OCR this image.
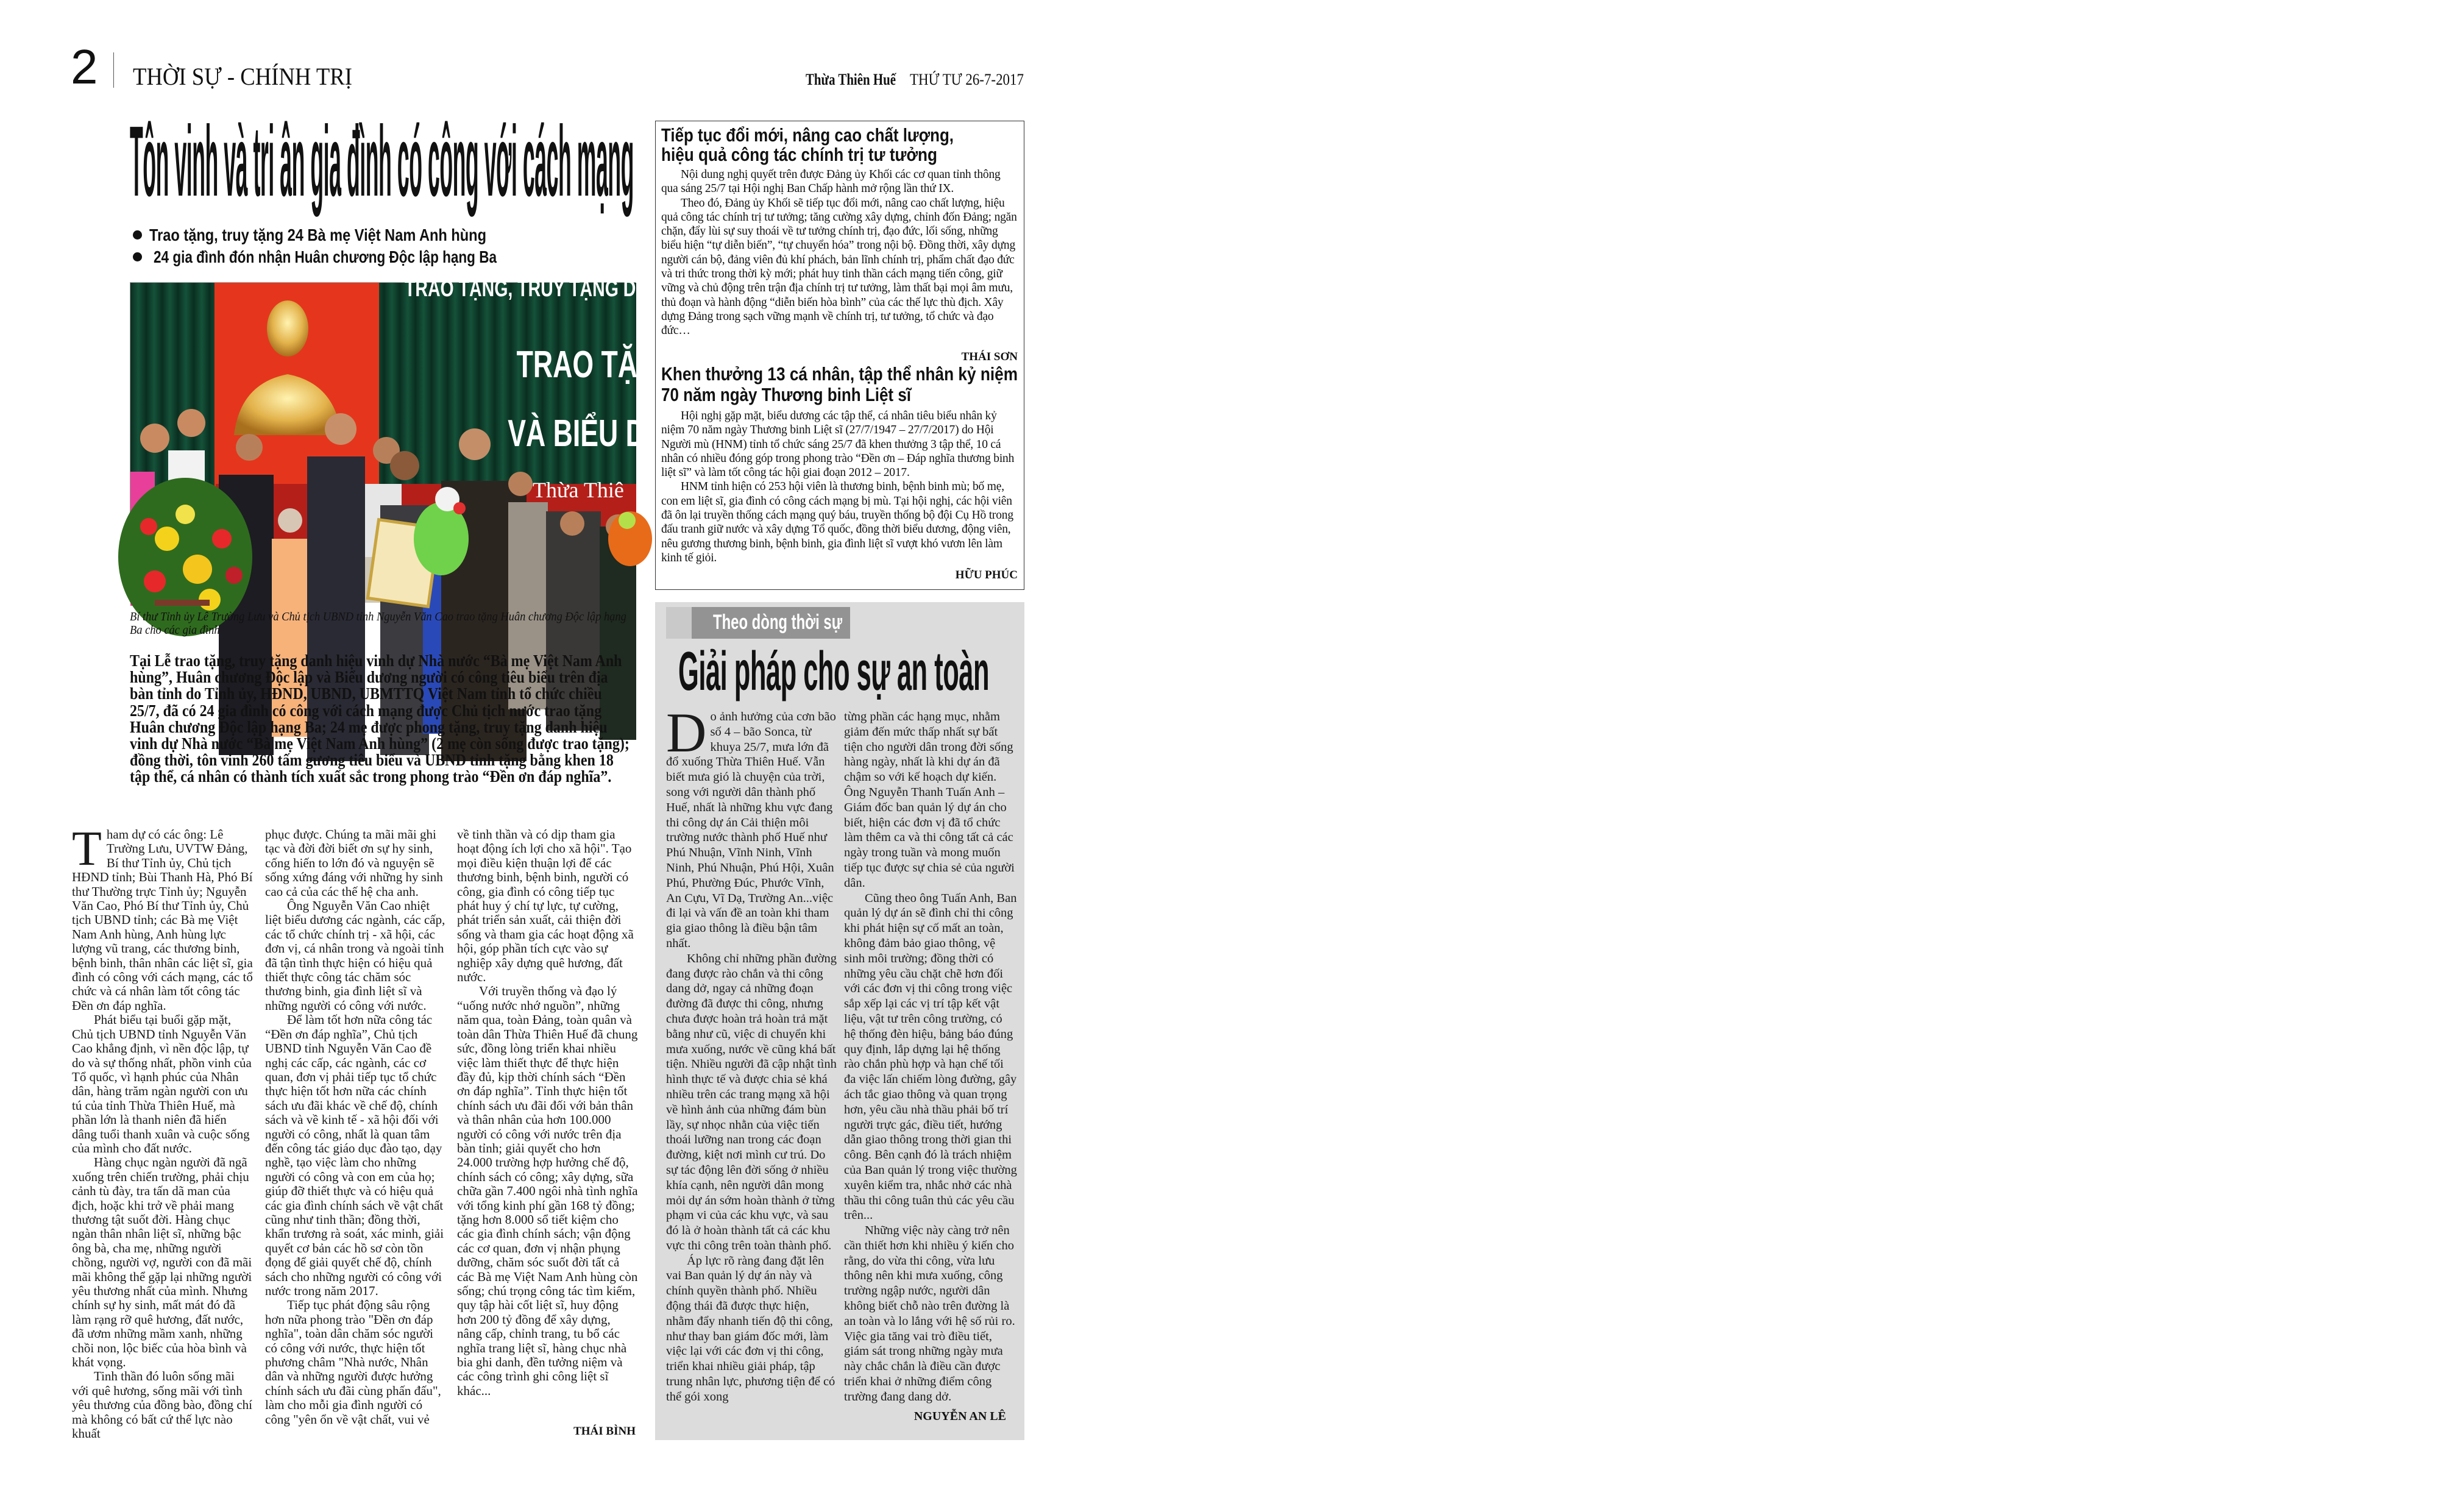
2 THỜI SỰ - CHÍNH TRỊ	Thừa Thiên Huế THỨ TƯ 26-7-2017
Tôn vinh và tri ân gia đình có công với cách mạng
Trao tặng, truy tặng 24 Bà mẹ Việt Nam Anh hùng
24 gia đình đón nhận Huân chương Độc lập hạng Ba
TRAO TẶNG, TRUY TẶNG DANH
TRAO TẶNG H
VÀ BIỂU DƯƠNG
Thừa Thiê
Bí thư Tỉnh ủy Lê Trường Lưu và Chủ tịch UBND tỉnh Nguyễn Văn Cao trao tặng Huân chương Độc lập hạng Ba cho các gia đình
Tại Lễ trao tặng, truy tặng danh hiệu vinh dự Nhà nước “Bà mẹ Việt Nam Anh hùng”, Huân chương Độc lập và Biểu dương người có công tiêu biểu trên địa bàn tỉnh do Tỉnh ủy, HĐND, UBND, UBMTTQ Việt Nam tỉnh tổ chức chiều 25/7, đã có 24 gia đình có công với cách mạng được Chủ tịch nước trao tặng Huân chương Độc lập hạng Ba; 24 mẹ được phong tặng, truy tặng danh hiệu vinh dự Nhà nước “Bà mẹ Việt Nam Anh hùng” (2 mẹ còn sống được trao tặng); đồng thời, tôn vinh 260 tấm gương tiêu biểu và UBND tỉnh tặng bằng khen 18 tập thể, cá nhân có thành tích xuất sắc trong phong trào “Đền ơn đáp nghĩa”.

Tham dự có các ông: Lê Trường Lưu, UVTW Đảng, Bí thư Tỉnh ủy, Chủ tịch HĐND tỉnh; Bùi Thanh Hà, Phó Bí thư Thường trực Tỉnh ủy; Nguyễn Văn Cao, Phó Bí thư Tỉnh ủy, Chủ tịch UBND tỉnh; các Bà mẹ Việt Nam Anh hùng, Anh hùng lực lượng vũ trang, các thương binh, bệnh binh, thân nhân các liệt sĩ, gia đình có công với cách mạng, các tổ chức và cá nhân làm tốt công tác Đền ơn đáp nghĩa.

Phát biểu tại buổi gặp mặt, Chủ tịch UBND tỉnh Nguyễn Văn Cao khẳng định, vì nền độc lập, tự do và sự thống nhất, phồn vinh của Tổ quốc, vì hạnh phúc của Nhân dân, hàng trăm ngàn người con ưu tú của tỉnh Thừa Thiên Huế, mà phần lớn là thanh niên đã hiến dâng tuổi thanh xuân và cuộc sống của mình cho đất nước.

Hàng chục ngàn người đã ngã xuống trên chiến trường, phải chịu cảnh tù đày, tra tấn dã man của địch, hoặc khi trở về phải mang thương tật suốt đời. Hàng chục ngàn thân nhân liệt sĩ, những bậc ông bà, cha mẹ, những người chồng, người vợ, người con đã mãi mãi không thể gặp lại những người yêu thương nhất của mình. Nhưng chính sự hy sinh, mất mát đó đã làm rạng rỡ quê hương, đất nước, đã ươm những mầm xanh, những chồi non, lộc biếc của hòa bình và khát vọng.

Tinh thần đó luôn sống mãi với quê hương, sống mãi với tình yêu thương của đồng bào, đồng chí mà không có bất cứ thế lực nào khuất

phục được. Chúng ta mãi mãi ghi tạc và đời đời biết ơn sự hy sinh, cống hiến to lớn đó và nguyện sẽ sống xứng đáng với những hy sinh cao cả của các thế hệ cha anh.

Ông Nguyễn Văn Cao nhiệt liệt biểu dương các ngành, các cấp, các tổ chức chính trị - xã hội, các đơn vị, cá nhân trong và ngoài tỉnh đã tận tình thực hiện có hiệu quả thiết thực công tác chăm sóc thương binh, gia đình liệt sĩ và những người có công với nước.

Để làm tốt hơn nữa công tác “Đền ơn đáp nghĩa”, Chủ tịch UBND tỉnh Nguyễn Văn Cao đề nghị các cấp, các ngành, các cơ quan, đơn vị phải tiếp tục tổ chức thực hiện tốt hơn nữa các chính sách ưu đãi khác về chế độ, chính sách và về kinh tế - xã hội đối với người có công, nhất là quan tâm đến công tác giáo dục đào tạo, dạy nghề, tạo việc làm cho những người có công và con em của họ; giúp đỡ thiết thực và có hiệu quả các gia đình chính sách về vật chất cũng như tinh thần; đồng thời, khẩn trương rà soát, xác minh, giải quyết cơ bản các hồ sơ còn tồn đọng để giải quyết chế độ, chính sách cho những người có công với nước trong năm 2017.

Tiếp tục phát động sâu rộng hơn nữa phong trào "Đền ơn đáp nghĩa", toàn dân chăm sóc người có công với nước, thực hiện tốt phương châm "Nhà nước, Nhân dân và những người được hưởng chính sách ưu đãi cùng phấn đấu", làm cho mỗi gia đình người có công "yên ổn về vật chất, vui vẻ

về tinh thần và có dịp tham gia hoạt động ích lợi cho xã hội". Tạo mọi điều kiện thuận lợi để các thương binh, bệnh binh, người có công, gia đình có công tiếp tục phát huy ý chí tự lực, tự cường, phát triển sản xuất, cải thiện đời sống và tham gia các hoạt động xã hội, góp phần tích cực vào sự nghiệp xây dựng quê hương, đất nước.

Với truyền thống và đạo lý “uống nước nhớ nguồn”, những năm qua, toàn Đảng, toàn quân và toàn dân Thừa Thiên Huế đã chung sức, đồng lòng triển khai nhiều việc làm thiết thực để thực hiện đầy đủ, kịp thời chính sách “Đền ơn đáp nghĩa”. Tỉnh thực hiện tốt chính sách ưu đãi đối với bản thân và thân nhân của hơn 100.000 người có công với nước trên địa bàn tỉnh; giải quyết cho hơn 24.000 trường hợp hưởng chế độ, chính sách có công; xây dựng, sữa chữa gần 7.400 ngôi nhà tình nghĩa với tổng kinh phí gần 168 tỷ đồng; tặng hơn 8.000 sổ tiết kiệm cho các gia đình chính sách; vận động các cơ quan, đơn vị nhận phụng dưỡng, chăm sóc suốt đời tất cả các Bà mẹ Việt Nam Anh hùng còn sống; chú trọng công tác tìm kiếm, quy tập hài cốt liệt sĩ, huy động hơn 200 tỷ đồng để xây dựng, nâng cấp, chỉnh trang, tu bổ các nghĩa trang liệt sĩ, hàng chục nhà bia ghi danh, đền tưởng niệm và các công trình ghi công liệt sĩ khác...

THÁI BÌNH
Tiếp tục đổi mới, nâng cao chất lượng,
hiệu quả công tác chính trị tư tưởng

Nội dung nghị quyết trên được Đảng ủy Khối các cơ quan tỉnh thông qua sáng 25/7 tại Hội nghị Ban Chấp hành mở rộng lần thứ IX.

Theo đó, Đảng ủy Khối sẽ tiếp tục đổi mới, nâng cao chất lượng, hiệu quả công tác chính trị tư tưởng; tăng cường xây dựng, chỉnh đốn Đảng; ngăn chặn, đẩy lùi sự suy thoái về tư tưởng chính trị, đạo đức, lối sống, những biểu hiện “tự diễn biến”, “tự chuyển hóa” trong nội bộ. Đồng thời, xây dựng người cán bộ, đảng viên đủ khí phách, bản lĩnh chính trị, phẩm chất đạo đức và tri thức trong thời kỳ mới; phát huy tinh thần cách mạng tiến công, giữ vững và chủ động trên trận địa chính trị tư tưởng, làm thất bại mọi âm mưu, thủ đoạn và hành động “diễn biến hòa bình” của các thế lực thù địch. Xây dựng Đảng trong sạch vững mạnh về chính trị, tư tưởng, tổ chức và đạo đức…

THÁI SƠN
Khen thưởng 13 cá nhân, tập thể nhân kỷ niệm
70 năm ngày Thương binh Liệt sĩ

Hội nghị gặp mặt, biểu dương các tập thể, cá nhân tiêu biểu nhân kỷ niệm 70 năm ngày Thương binh Liệt sĩ (27/7/1947 – 27/7/2017) do Hội Người mù (HNM) tỉnh tổ chức sáng 25/7 đã khen thưởng 3 tập thể, 10 cá nhân có nhiều đóng góp trong phong trào “Đền ơn – Đáp nghĩa thương binh liệt sĩ” và làm tốt công tác hội giai đoạn 2012 – 2017.

HNM tỉnh hiện có 253 hội viên là thương binh, bệnh binh mù; bố mẹ, con em liệt sĩ, gia đình có công cách mạng bị mù. Tại hội nghị, các hội viên đã ôn lại truyền thống cách mạng quý báu, truyền thống bộ đội Cụ Hồ trong đấu tranh giữ nước và xây dựng Tổ quốc, đồng thời biểu dương, động viên, nêu gương thương binh, bệnh binh, gia đình liệt sĩ vượt khó vươn lên làm kinh tế giỏi.

HỮU PHÚC
Theo dòng thời sự
Giải pháp cho sự an toàn

Do ảnh hưởng của cơn bão số 4 – bão Sonca, từ khuya 25/7, mưa lớn đã đổ xuống Thừa Thiên Huế. Vẫn biết mưa gió là chuyện của trời, song với người dân thành phố Huế, nhất là những khu vực đang thi công dự án Cải thiện môi trường nước thành phố Huế như Phú Nhuận, Vĩnh Ninh, Vĩnh Ninh, Phú Nhuận, Phú Hội, Xuân Phú, Phường Đúc, Phước Vĩnh, An Cựu, Vĩ Dạ, Trường An...việc đi lại và vấn đề an toàn khi tham gia giao thông là điều bận tâm nhất.

Không chỉ những phần đường đang được rào chắn và thi công dang dở, ngay cả những đoạn đường đã được thi công, nhưng chưa được hoàn trả hoàn trả mặt bằng như cũ, việc di chuyển khi mưa xuống, nước về cũng khá bất tiện. Nhiều người đã cập nhật tình hình thực tế và được chia sẻ khá nhiều trên các trang mạng xã hội về hình ảnh của những đám bùn lầy, sự nhọc nhằn của việc tiến thoái lưỡng nan trong các đoạn đường, kiệt nơi mình cư trú. Do sự tác động lên đời sống ở nhiều khía cạnh, nên người dân mong mỏi dự án sớm hoàn thành ở từng phạm vi của các khu vực, và sau đó là ở hoàn thành tất cả các khu vực thi công trên toàn thành phố.

Áp lực rõ ràng đang đặt lên vai Ban quản lý dự án này và chính quyền thành phố. Nhiều động thái đã được thực hiện, nhằm đẩy nhanh tiến độ thi công, như thay ban giám đốc mới, làm việc lại với các đơn vị thi công, triển khai nhiều giải pháp, tập trung nhân lực, phương tiện để có thể gói xong

từng phần các hạng mục, nhằm giảm đến mức thấp nhất sự bất tiện cho người dân trong đời sống hàng ngày, nhất là khi dự án đã chậm so với kế hoạch dự kiến. Ông Nguyễn Thanh Tuấn Anh – Giám đốc ban quản lý dự án cho biết, hiện các đơn vị đã tổ chức làm thêm ca và thi công tất cả các ngày trong tuần và mong muốn tiếp tục được sự chia sẻ của người dân.

Cũng theo ông Tuấn Anh, Ban quản lý dự án sẽ đình chỉ thi công khi phát hiện sự cố mất an toàn, không đảm bảo giao thông, vệ sinh môi trường; đồng thời có những yêu cầu chặt chẽ hơn đối với các đơn vị thi công trong việc sắp xếp lại các vị trí tập kết vật liệu, vật tư trên công trường, có hệ thống đèn hiệu, bảng báo đúng quy định, lắp dựng lại hệ thống rào chắn phù hợp và hạn chế tối đa việc lấn chiếm lòng đường, gây ách tắc giao thông và quan trọng hơn, yêu cầu nhà thầu phải bố trí người trực gác, điều tiết, hướng dẫn giao thông trong thời gian thi công. Bên cạnh đó là trách nhiệm của Ban quản lý trong việc thường xuyên kiểm tra, nhắc nhở các nhà thầu thi công tuân thủ các yêu cầu trên...

Những việc này càng trở nên cần thiết hơn khi nhiều ý kiến cho rằng, do vừa thi công, vừa lưu thông nên khi mưa xuống, công trường ngập nước, người dân không biết chỗ nào trên đường là an toàn và lo lắng với hệ số rủi ro. Việc gia tăng vai trò điều tiết, giám sát trong những ngày mưa này chắc chắn là điều cần được triển khai ở những điểm công trường đang dang dở.

NGUYỄN AN LÊ
